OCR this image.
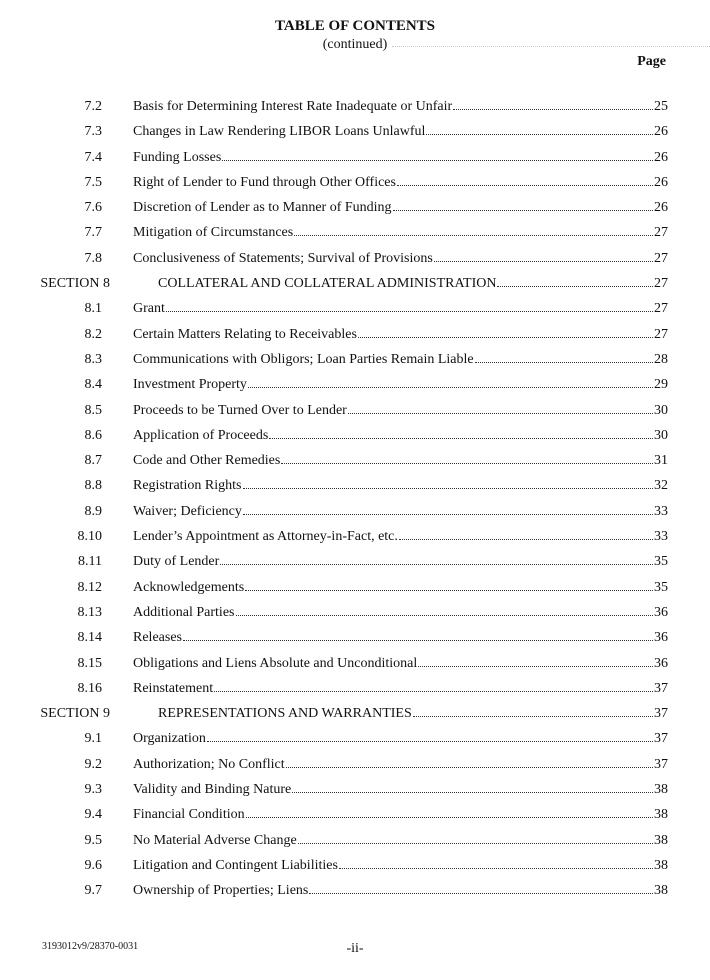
TABLE OF CONTENTS
(continued)
Page
7.2 Basis for Determining Interest Rate Inadequate or Unfair	25
7.3 Changes in Law Rendering LIBOR Loans Unlawful	26
7.4 Funding Losses	26
7.5 Right of Lender to Fund through Other Offices	26
7.6 Discretion of Lender as to Manner of Funding	26
7.7 Mitigation of Circumstances	27
7.8 Conclusiveness of Statements; Survival of Provisions	27
SECTION 8	COLLATERAL AND COLLATERAL ADMINISTRATION	27
8.1 Grant	27
8.2 Certain Matters Relating to Receivables	27
8.3 Communications with Obligors; Loan Parties Remain Liable	28
8.4 Investment Property	29
8.5 Proceeds to be Turned Over to Lender	30
8.6 Application of Proceeds	30
8.7 Code and Other Remedies	31
8.8 Registration Rights	32
8.9 Waiver; Deficiency	33
8.10 Lender’s Appointment as Attorney-in-Fact, etc.	33
8.11 Duty of Lender	35
8.12 Acknowledgements	35
8.13 Additional Parties	36
8.14 Releases	36
8.15 Obligations and Liens Absolute and Unconditional	36
8.16 Reinstatement	37
SECTION 9	REPRESENTATIONS AND WARRANTIES	37
9.1 Organization	37
9.2 Authorization; No Conflict	37
9.3 Validity and Binding Nature	38
9.4 Financial Condition	38
9.5 No Material Adverse Change	38
9.6 Litigation and Contingent Liabilities	38
9.7 Ownership of Properties; Liens	38
3193012v9/28370-0031	-ii-
